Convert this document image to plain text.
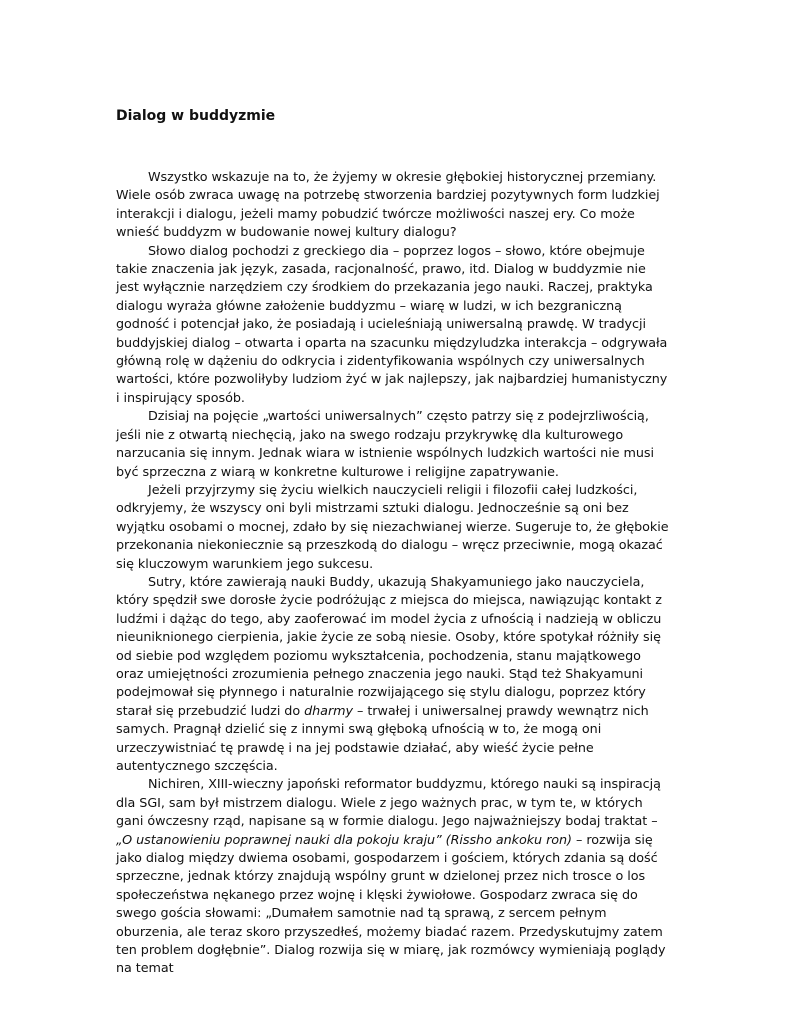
Dialog w buddyzmie

Wszystko wskazuje na to, że żyjemy w okresie głębokiej historycznej przemiany. Wiele osób zwraca uwagę na potrzebę stworzenia bardziej pozytywnych form ludzkiej interakcji i dialogu, jeżeli mamy pobudzić twórcze możliwości naszej ery. Co może wnieść buddyzm w budowanie nowej kultury dialogu?

Słowo dialog pochodzi z greckiego dia – poprzez logos – słowo, które obejmuje takie znaczenia jak język, zasada, racjonalność, prawo, itd. Dialog w buddyzmie nie jest wyłącznie narzędziem czy środkiem do przekazania jego nauki. Raczej, praktyka dialogu wyraża główne założenie buddyzmu – wiarę w ludzi, w ich bezgraniczną godność i potencjał jako, że posiadają i ucieleśniają uniwersalną prawdę. W tradycji buddyjskiej dialog – otwarta i oparta na szacunku międzyludzka interakcja – odgrywała główną rolę w dążeniu do odkrycia i zidentyfikowania wspólnych czy uniwersalnych wartości, które pozwoliłyby ludziom żyć w jak najlepszy, jak najbardziej humanistyczny i inspirujący sposób.

Dzisiaj na pojęcie „wartości uniwersalnych” często patrzy się z podejrzliwością, jeśli nie z otwartą niechęcią, jako na swego rodzaju przykrywkę dla kulturowego narzucania się innym. Jednak wiara w istnienie wspólnych ludzkich wartości nie musi być sprzeczna z wiarą w konkretne kulturowe i religijne zapatrywanie.

Jeżeli przyjrzymy się życiu wielkich nauczycieli religii i filozofii całej ludzkości, odkryjemy, że wszyscy oni byli mistrzami sztuki dialogu. Jednocześnie są oni bez wyjątku osobami o mocnej, zdało by się niezachwianej wierze. Sugeruje to, że głębokie przekonania niekoniecznie są przeszkodą do dialogu – wręcz przeciwnie, mogą okazać się kluczowym warunkiem jego sukcesu.

Sutry, które zawierają nauki Buddy, ukazują Shakyamuniego jako nauczyciela, który spędził swe dorosłe życie podróżując z miejsca do miejsca, nawiązując kontakt z ludźmi i dążąc do tego, aby zaoferować im model życia z ufnością i nadzieją w obliczu nieuniknionego cierpienia, jakie życie ze sobą niesie. Osoby, które spotykał różniły się od siebie pod względem poziomu wykształcenia, pochodzenia, stanu majątkowego oraz umiejętności zrozumienia pełnego znaczenia jego nauki. Stąd też Shakyamuni podejmował się płynnego i naturalnie rozwijającego się stylu dialogu, poprzez który starał się przebudzić ludzi do dharmy – trwałej i uniwersalnej prawdy wewnątrz nich samych. Pragnął dzielić się z innymi swą głęboką ufnością w to, że mogą oni urzeczywistniać tę prawdę i na jej podstawie działać, aby wieść życie pełne autentycznego szczęścia.

Nichiren, XIII-wieczny japoński reformator buddyzmu, którego nauki są inspiracją dla SGI, sam był mistrzem dialogu. Wiele z jego ważnych prac, w tym te, w których gani ówczesny rząd, napisane są w formie dialogu. Jego najważniejszy bodaj traktat – „O ustanowieniu poprawnej nauki dla pokoju kraju” (Rissho ankoku ron) – rozwija się jako dialog między dwiema osobami, gospodarzem i gościem, których zdania są dość sprzeczne, jednak którzy znajdują wspólny grunt w dzielonej przez nich trosce o los społeczeństwa nękanego przez wojnę i klęski żywiołowe. Gospodarz zwraca się do swego gościa słowami: „Dumałem samotnie nad tą sprawą, z sercem pełnym oburzenia, ale teraz skoro przyszedłeś, możemy biadać razem. Przedyskutujmy zatem ten problem dogłębnie”. Dialog rozwija się w miarę, jak rozmówcy wymieniają poglądy na temat
